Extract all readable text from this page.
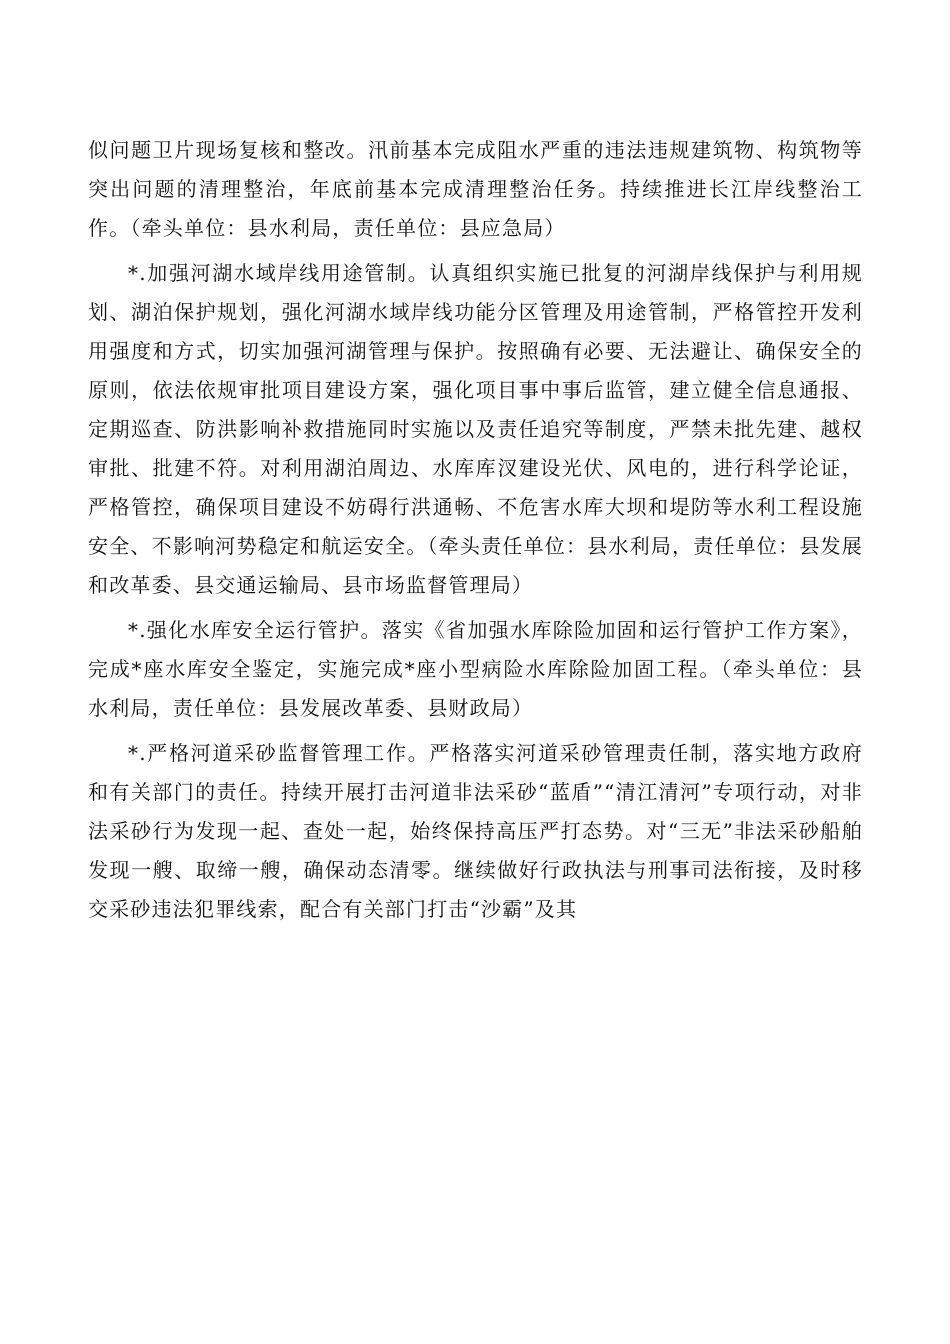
似问题卫片现场复核和整改。汛前基本完成阻水严重的违法违规建筑物、构筑物等突出问题的清理整治，年底前基本完成清理整治任务。持续推进长江岸线整治工作。（牵头单位：县水利局，责任单位：县应急局）

*.加强河湖水域岸线用途管制。认真组织实施已批复的河湖岸线保护与利用规划、湖泊保护规划，强化河湖水域岸线功能分区管理及用途管制，严格管控开发利用强度和方式，切实加强河湖管理与保护。按照确有必要、无法避让、确保安全的原则，依法依规审批项目建设方案，强化项目事中事后监管，建立健全信息通报、定期巡查、防洪影响补救措施同时实施以及责任追究等制度，严禁未批先建、越权审批、批建不符。对利用湖泊周边、水库库汊建设光伏、风电的，进行科学论证，严格管控，确保项目建设不妨碍行洪通畅、不危害水库大坝和堤防等水利工程设施安全、不影响河势稳定和航运安全。（牵头责任单位：县水利局，责任单位：县发展和改革委、县交通运输局、县市场监督管理局）

*.强化水库安全运行管护。落实《省加强水库除险加固和运行管护工作方案》，完成*座水库安全鉴定，实施完成*座小型病险水库除险加固工程。（牵头单位：县水利局，责任单位：县发展改革委、县财政局）

*.严格河道采砂监督管理工作。严格落实河道采砂管理责任制，落实地方政府和有关部门的责任。持续开展打击河道非法采砂“蓝盾”“清江清河”专项行动，对非法采砂行为发现一起、查处一起，始终保持高压严打态势。对“三无”非法采砂船舶发现一艘、取缔一艘，确保动态清零。继续做好行政执法与刑事司法衔接，及时移交采砂违法犯罪线索，配合有关部门打击“沙霸”及其
